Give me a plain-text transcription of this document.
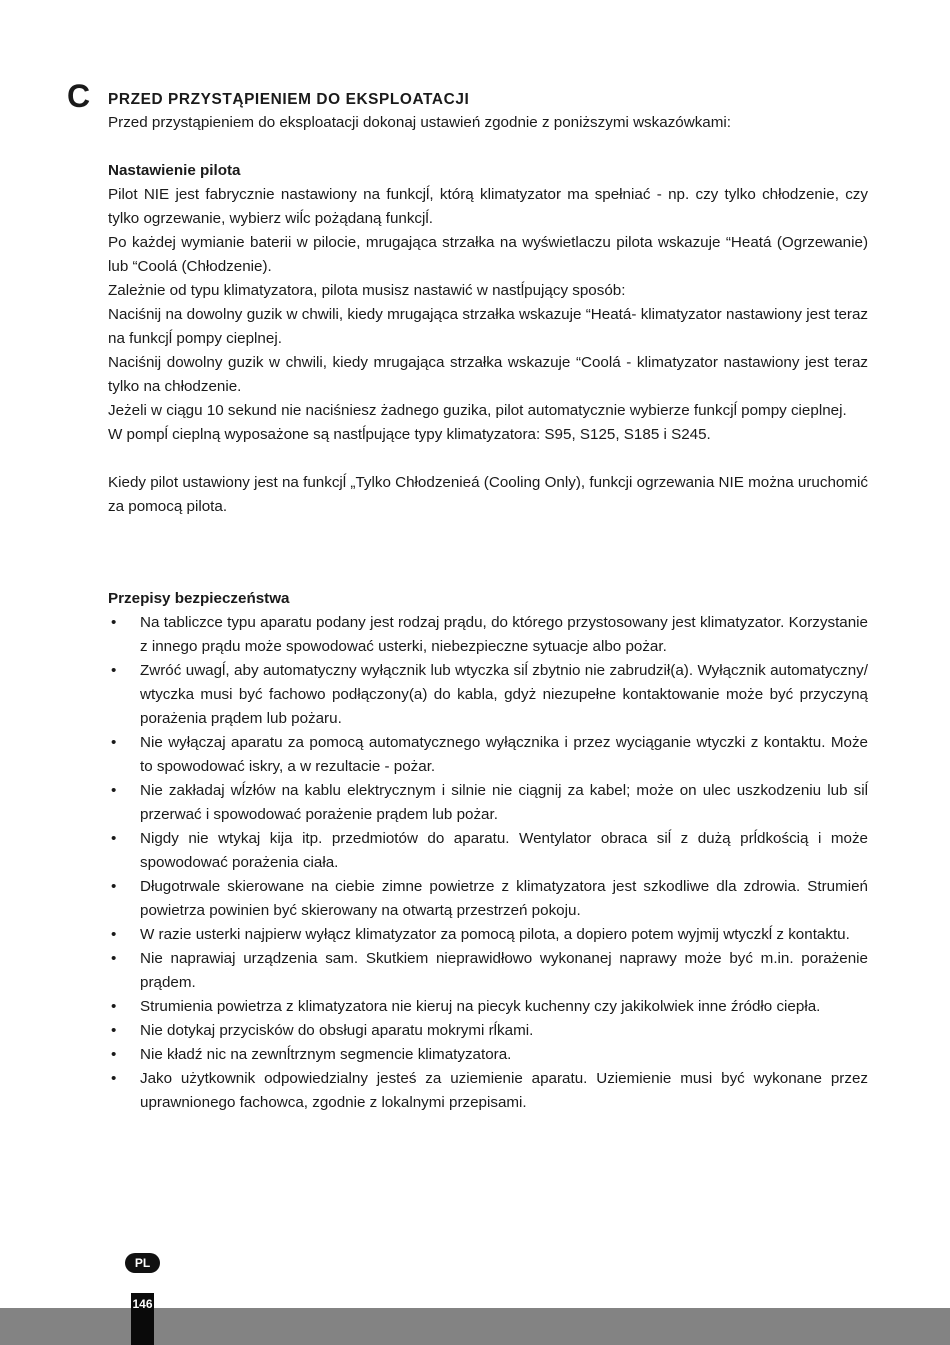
C PRZED PRZYSTĄPIENIEM DO EKSPLOATACJI

Przed przystąpieniem do eksploatacji dokonaj ustawień zgodnie z poniższymi wskazówkami:

Nastawienie pilota

Pilot NIE jest fabrycznie nastawiony na funkcjĺ, którą klimatyzator ma spełniać - np. czy tylko chłodzenie, czy tylko ogrzewanie, wybierz wiĺc pożądaną funkcjĺ.

Po każdej wymianie baterii w pilocie, mrugająca strzałka na wyświetlaczu pilota wskazuje “Heatá (Ogrzewanie) lub “Coolá (Chłodzenie).

Zależnie od typu klimatyzatora, pilota musisz nastawić w nastĺpujący sposób:

Naciśnij na dowolny guzik w chwili, kiedy mrugająca strzałka wskazuje “Heatá- klimatyzator nastawiony jest teraz na funkcjĺ pompy cieplnej.

Naciśnij dowolny guzik w chwili, kiedy mrugająca strzałka wskazuje “Coolá - klimatyzator nastawiony jest teraz tylko na chłodzenie.

Jeżeli w ciągu 10 sekund nie naciśniesz żadnego guzika, pilot automatycznie wybierze funkcjĺ pompy cieplnej.

W pompĺ cieplną wyposażone są nastĺpujące typy klimatyzatora: S95, S125, S185 i S245.

Kiedy pilot ustawiony jest na funkcjĺ „Tylko Chłodzenieá (Cooling Only), funkcji ogrzewania NIE można uruchomić za pomocą pilota.

Przepisy bezpieczeństwa

• Na tabliczce typu aparatu podany jest rodzaj prądu, do którego przystosowany jest klimatyzator. Korzystanie z innego prądu może spowodować usterki, niebezpieczne sytuacje albo pożar.
• Zwróć uwagĺ, aby automatyczny wyłącznik lub wtyczka siĺ zbytnio nie zabrudził(a). Wyłącznik automatyczny/ wtyczka musi być fachowo podłączony(a) do kabla, gdyż niezupełne kontaktowanie może być przyczyną porażenia prądem lub pożaru.
• Nie wyłączaj aparatu za pomocą automatycznego wyłącznika i przez wyciąganie wtyczki z kontaktu. Może to spowodować iskry, a w rezultacie - pożar.
• Nie zakładaj wĺzłów na kablu elektrycznym i silnie nie ciągnij za kabel; może on ulec uszkodzeniu lub siĺ przerwać i spowodować porażenie prądem lub pożar.
• Nigdy nie wtykaj kija itp. przedmiotów do aparatu. Wentylator obraca siĺ z dużą prĺdkością i może spowodować porażenia ciała.
• Długotrwale skierowane na ciebie zimne powietrze z klimatyzatora jest szkodliwe dla zdrowia. Strumień powietrza powinien być skierowany na otwartą przestrzeń pokoju.
• W razie usterki najpierw wyłącz klimatyzator za pomocą pilota, a dopiero potem wyjmij wtyczkĺ z kontaktu.
• Nie naprawiaj urządzenia sam. Skutkiem nieprawidłowo wykonanej naprawy może być m.in. porażenie prądem.
• Strumienia powietrza z klimatyzatora nie kieruj na piecyk kuchenny czy jakikolwiek inne źródło ciepła.
• Nie dotykaj przycisków do obsługi aparatu mokrymi rĺkami.
• Nie kładź nic na zewnĺtrznym segmencie klimatyzatora.
• Jako użytkownik odpowiedzialny jesteś za uziemienie aparatu. Uziemienie musi być wykonane przez uprawnionego fachowca, zgodnie z lokalnymi przepisami.
PL
146
